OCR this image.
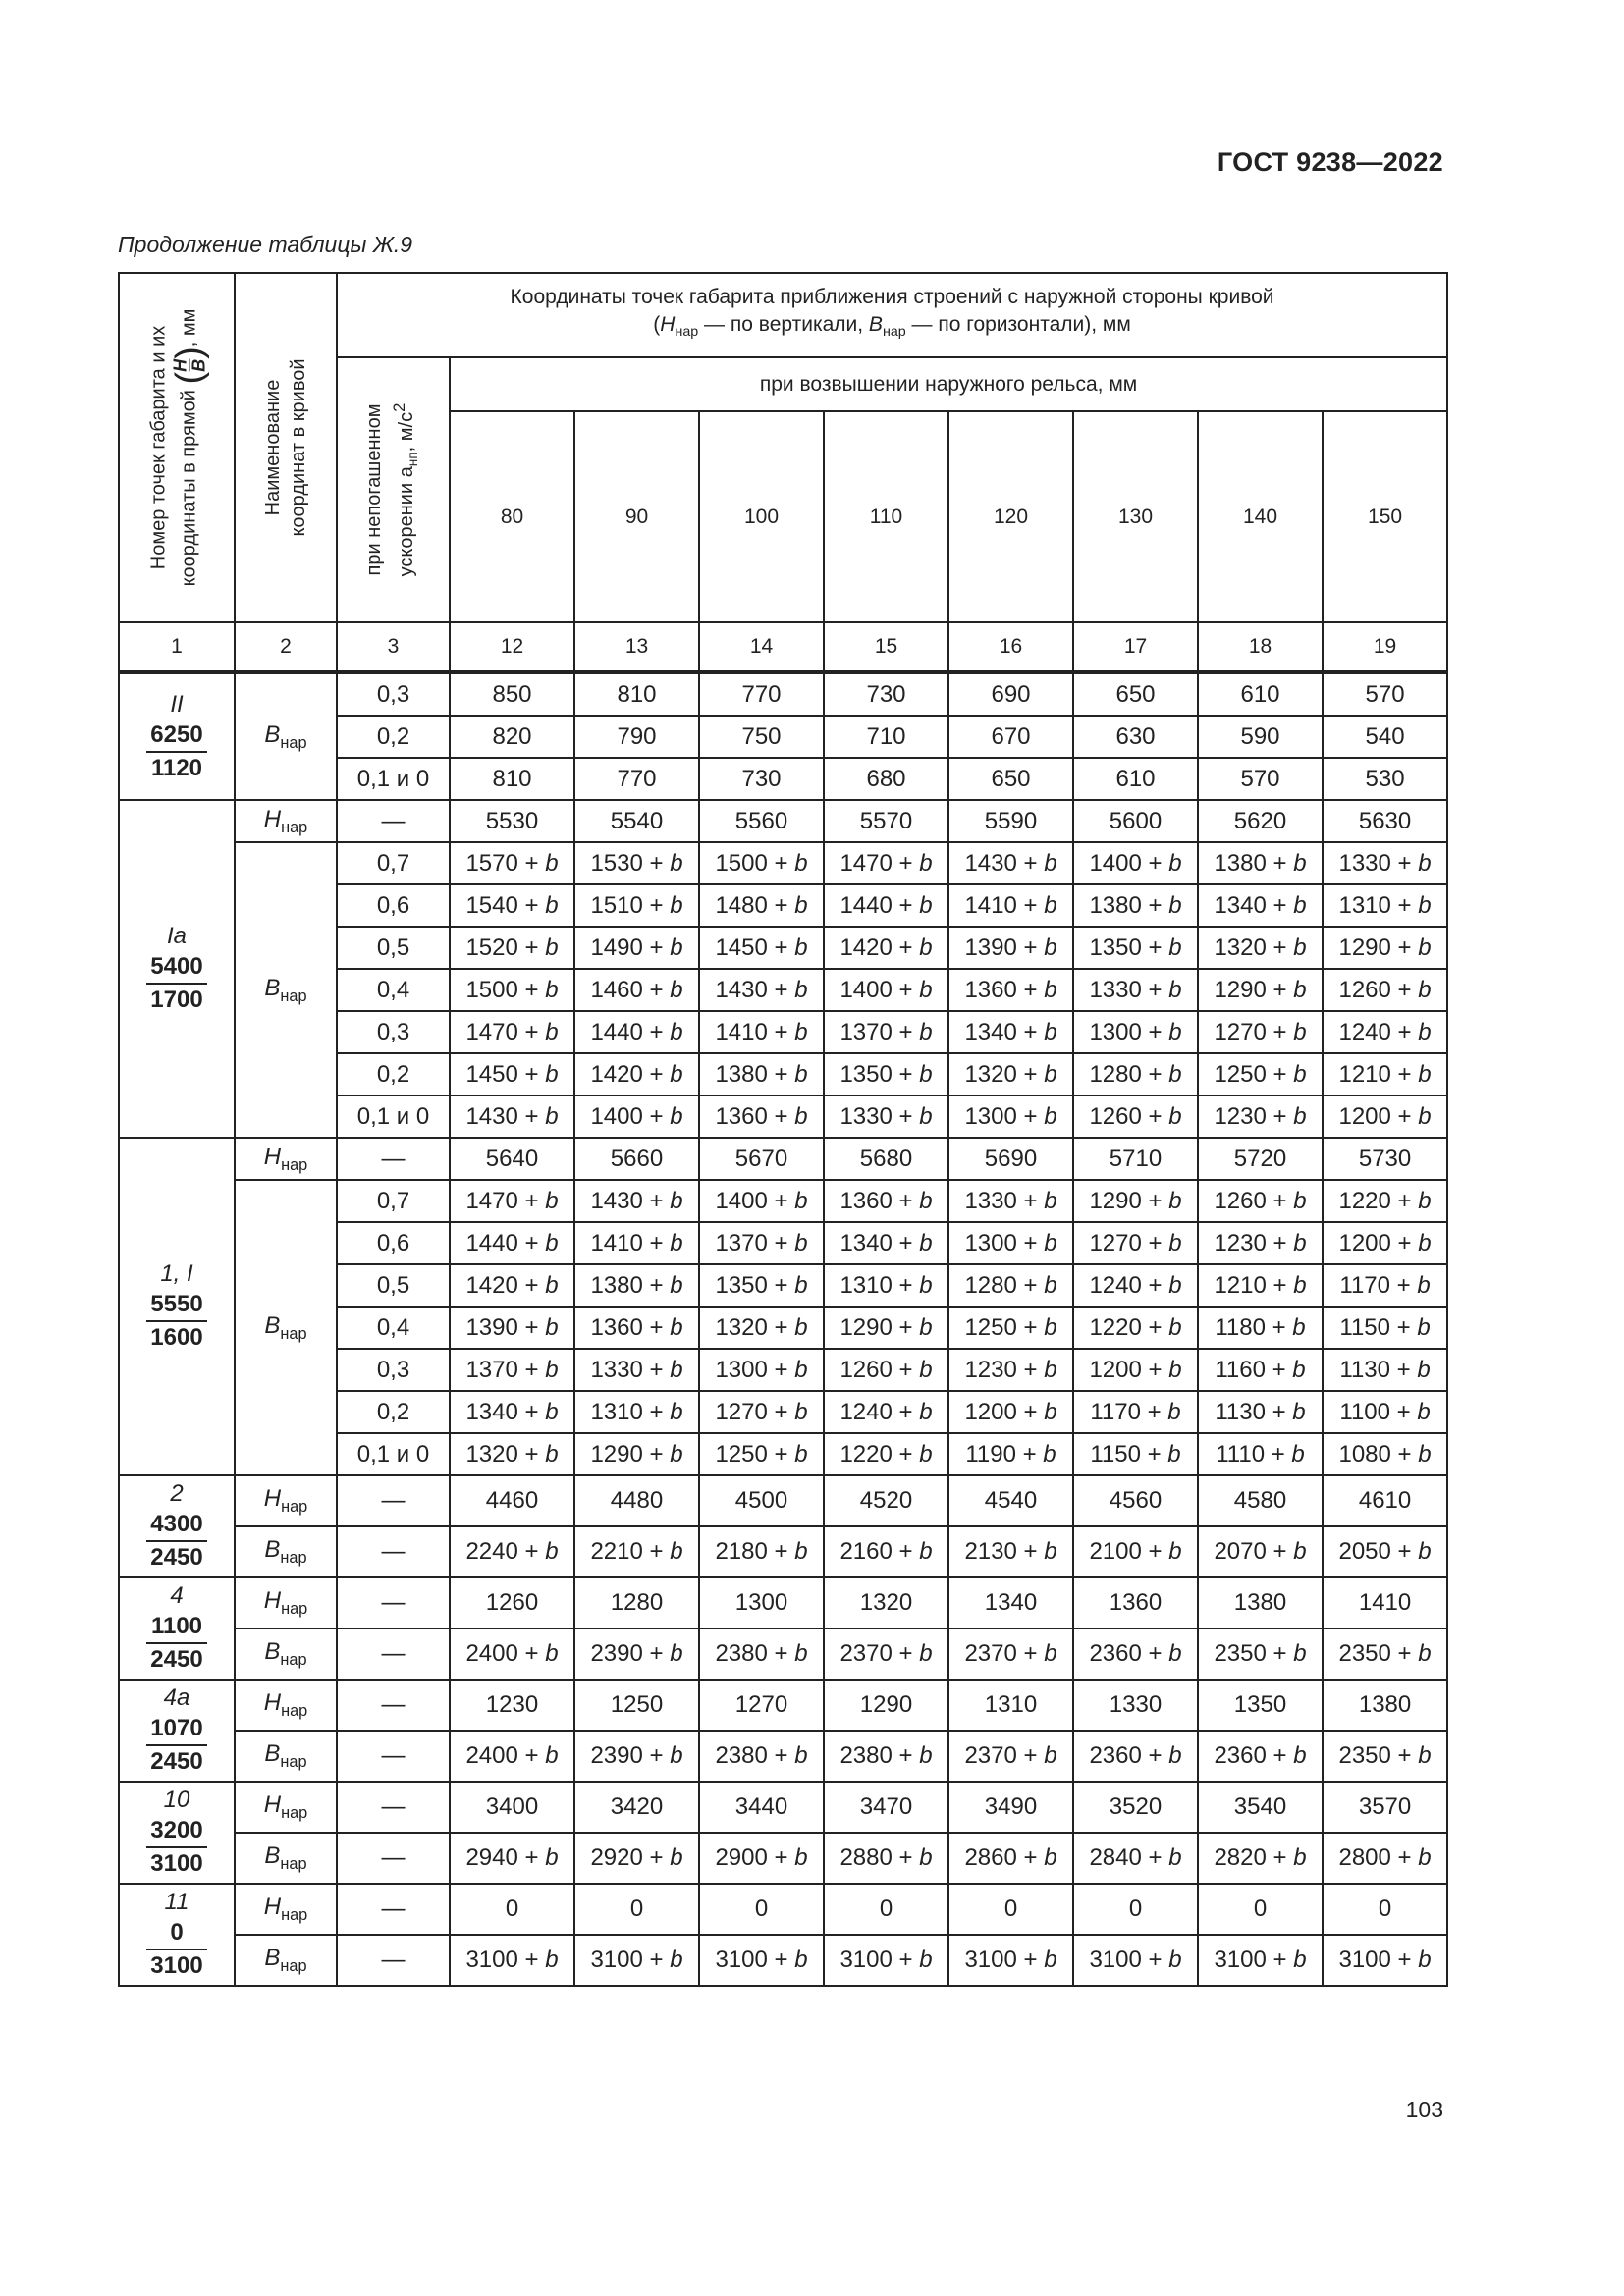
ГОСТ 9238—2022
Продолжение таблицы Ж.9
Номер точек габарита и их координаты в прямой (
H B
), мм	Наименование координат в кривой	Координаты точек габарита приближения строений с наружной стороны кривой
($H_{нар}$ — по вертикали, $B_{нар}$ — по горизонтали), мм								

		при непогашенном ускорении $a_{нп}$, $м/с^2$	при возвышении наружного рельса, мм							
			80	90	100	110	120	130	140	150
1	2	3	12	13	14	15	16	17	18	19

II
$\frac{6250}{1120}$	$B_{нар}$	0,3	850	810	770	730	690	650	610	570
		0,2	820	790	750	710	670	630	590	540
		0,1 и 0	810	770	730	680	650	610	570	530

Ia
$\frac{5400}{1700}$	$H_{нар}$	—	5530	5540	5560	5570	5590	5600	5620	5630
	$B_{нар}$	0,7	1570 + b	1530 + b	1500 + b	1470 + b	1430 + b	1400 + b	1380 + b	1330 + b
		0,6	1540 + b	1510 + b	1480 + b	1440 + b	1410 + b	1380 + b	1340 + b	1310 + b
		0,5	1520 + b	1490 + b	1450 + b	1420 + b	1390 + b	1350 + b	1320 + b	1290 + b
		0,4	1500 + b	1460 + b	1430 + b	1400 + b	1360 + b	1330 + b	1290 + b	1260 + b
		0,3	1470 + b	1440 + b	1410 + b	1370 + b	1340 + b	1300 + b	1270 + b	1240 + b
		0,2	1450 + b	1420 + b	1380 + b	1350 + b	1320 + b	1280 + b	1250 + b	1210 + b
		0,1 и 0	1430 + b	1400 + b	1360 + b	1330 + b	1300 + b	1260 + b	1230 + b	1200 + b

1, I
$\frac{5550}{1600}$	$H_{нар}$	—	5640	5660	5670	5680	5690	5710	5720	5730
	$B_{нар}$	0,7	1470 + b	1430 + b	1400 + b	1360 + b	1330 + b	1290 + b	1260 + b	1220 + b
		0,6	1440 + b	1410 + b	1370 + b	1340 + b	1300 + b	1270 + b	1230 + b	1200 + b
		0,5	1420 + b	1380 + b	1350 + b	1310 + b	1280 + b	1240 + b	1210 + b	1170 + b
		0,4	1390 + b	1360 + b	1320 + b	1290 + b	1250 + b	1220 + b	1180 + b	1150 + b
		0,3	1370 + b	1330 + b	1300 + b	1260 + b	1230 + b	1200 + b	1160 + b	1130 + b
		0,2	1340 + b	1310 + b	1270 + b	1240 + b	1200 + b	1170 + b	1130 + b	1100 + b
		0,1 и 0	1320 + b	1290 + b	1250 + b	1220 + b	1190 + b	1150 + b	1110 + b	1080 + b

2
$\frac{4300}{2450}$	$H_{нар}$	—	4460	4480	4500	4520	4540	4560	4580	4610
	$B_{нар}$	—	2240 + b	2210 + b	2180 + b	2160 + b	2130 + b	2100 + b	2070 + b	2050 + b

4
$\frac{1100}{2450}$	$H_{нар}$	—	1260	1280	1300	1320	1340	1360	1380	1410
	$B_{нар}$	—	2400 + b	2390 + b	2380 + b	2370 + b	2370 + b	2360 + b	2350 + b	2350 + b

4a
$\frac{1070}{2450}$	$H_{нар}$	—	1230	1250	1270	1290	1310	1330	1350	1380
	$B_{нар}$	—	2400 + b	2390 + b	2380 + b	2380 + b	2370 + b	2360 + b	2360 + b	2350 + b

10
$\frac{3200}{3100}$	$H_{нар}$	—	3400	3420	3440	3470	3490	3520	3540	3570
	$B_{нар}$	—	2940 + b	2920 + b	2900 + b	2880 + b	2860 + b	2840 + b	2820 + b	2800 + b

11
$\frac{0}{3100}$	$H_{нар}$	—	0	0	0	0	0	0	0	0
	$B_{нар}$	—	3100 + b	3100 + b	3100 + b	3100 + b	3100 + b	3100 + b	3100 + b	3100 + b
103
